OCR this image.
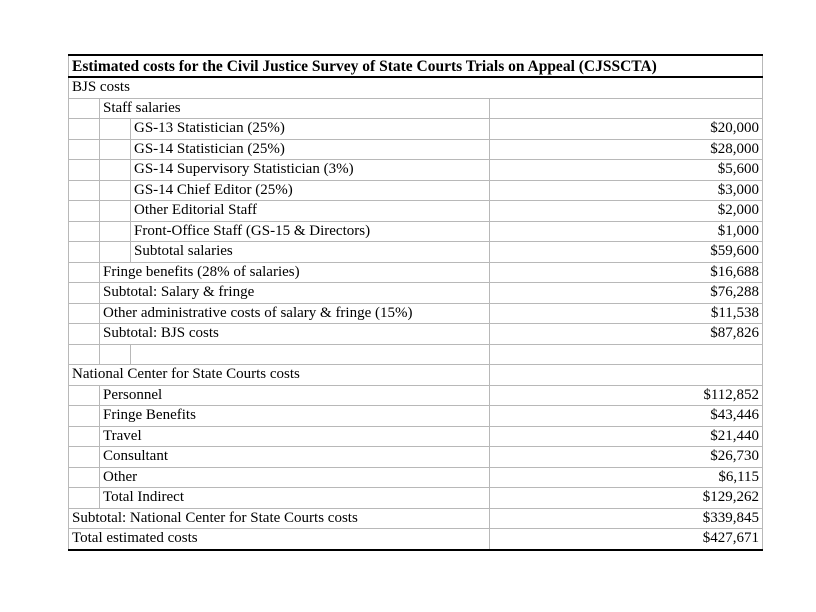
Estimated costs for the Civil Justice Survey of State Courts Trials on Appeal (CJSSCTA)			
BJS costs			
	Staff salaries		
		GS-13 Statistician (25%)	$20,000
		GS-14 Statistician (25%)	$28,000
		GS-14 Supervisory Statistician (3%)	$5,600
		GS-14 Chief Editor (25%)	$3,000
		Other Editorial Staff	$2,000
		Front-Office Staff (GS-15 & Directors)	$1,000
		Subtotal salaries	$59,600
	Fringe benefits (28% of salaries)		$16,688
	Subtotal: Salary & fringe		$76,288
	Other administrative costs of salary & fringe (15%)		$11,538
	Subtotal: BJS costs		$87,826

National Center for State Courts costs			
	Personnel		$112,852
	Fringe Benefits		$43,446
	Travel		$21,440
	Consultant		$26,730
	Other		$6,115
	Total Indirect		$129,262
Subtotal: National Center for State Courts costs			$339,845
Total estimated costs			$427,671
